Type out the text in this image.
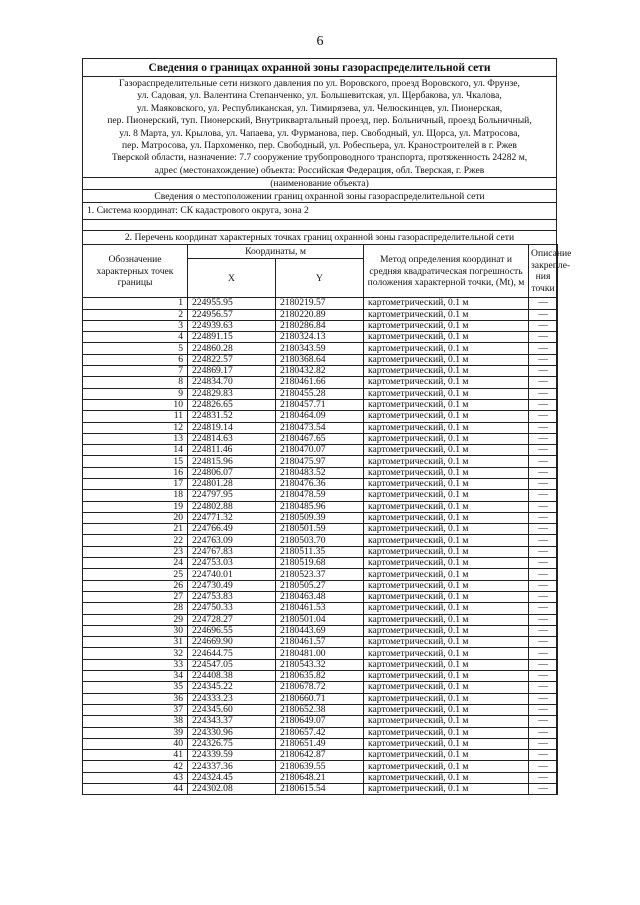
6
Сведения о границах охранной зоны газораспределительной сети
Газораспределительные сети низкого давления по ул. Воровского, проезд Воровского, ул. Фрунзе,
ул. Садовая, ул. Валентина Степанченко, ул. Большевитская, ул. Щербакова, ул. Чкалова,
ул. Маяковского, ул. Республиканская, ул. Тимирязева, ул. Челюскинцев, ул. Пионерская,
пер. Пионерский, туп. Пионерский, Внутриквартальный проезд, пер. Больничный, проезд Больничный,
ул. 8 Марта, ул. Крылова, ул. Чапаева, ул. Фурманова, пер. Свободный, ул. Щорса, ул. Матросова,
пер. Матросова, ул. Пархоменко, пер. Свободный, ул. Робеспьера, ул. Краностроителей в г. Ржев
Тверской области, назначение: 7.7 сооружение трубопроводного транспорта, протяженность 24282 м,
адрес (местонахождение) объекта: Российская Федерация, обл. Тверская, г. Ржев
(наименование объекта)
Сведения о местоположении границ охранной зоны газораспределительной сети
1. Система координат: СК кадастрового округа, зона 2
2. Перечень координат характерных точках границ охранной зоны газораспределительной сети
Обозначение характерных точек границы	Координаты, м		Метод определения координат и средняя квадратическая погрешность положения характерной точки, (Mt), м	Описание закрепле-ния точки
	X	Y		
1	224955.95	2180219.57	картометрический, 0.1 м	—
2	224956.57	2180220.89	картометрический, 0.1 м	—
3	224939.63	2180286.84	картометрический, 0.1 м	—
4	224891.15	2180324.13	картометрический, 0.1 м	—
5	224860.28	2180343.59	картометрический, 0.1 м	—
6	224822.57	2180368.64	картометрический, 0.1 м	—
7	224869.17	2180432.82	картометрический, 0.1 м	—
8	224834.70	2180461.66	картометрический, 0.1 м	—
9	224829.83	2180455.28	картометрический, 0.1 м	—
10	224826.65	2180457.71	картометрический, 0.1 м	—
11	224831.52	2180464.09	картометрический, 0.1 м	—
12	224819.14	2180473.54	картометрический, 0.1 м	—
13	224814.63	2180467.65	картометрический, 0.1 м	—
14	224811.46	2180470.07	картометрический, 0.1 м	—
15	224815.96	2180475.97	картометрический, 0.1 м	—
16	224806.07	2180483.52	картометрический, 0.1 м	—
17	224801.28	2180476.36	картометрический, 0.1 м	—
18	224797.95	2180478.59	картометрический, 0.1 м	—
19	224802.88	2180485.96	картометрический, 0.1 м	—
20	224771.32	2180509.39	картометрический, 0.1 м	—
21	224766.49	2180501.59	картометрический, 0.1 м	—
22	224763.09	2180503.70	картометрический, 0.1 м	—
23	224767.83	2180511.35	картометрический, 0.1 м	—
24	224753.03	2180519.68	картометрический, 0.1 м	—
25	224740.01	2180523.37	картометрический, 0.1 м	—
26	224730.49	2180505.27	картометрический, 0.1 м	—
27	224753.83	2180463.48	картометрический, 0.1 м	—
28	224750.33	2180461.53	картометрический, 0.1 м	—
29	224728.27	2180501.04	картометрический, 0.1 м	—
30	224696.55	2180443.69	картометрический, 0.1 м	—
31	224669.90	2180461.57	картометрический, 0.1 м	—
32	224644.75	2180481.00	картометрический, 0.1 м	—
33	224547.05	2180543.32	картометрический, 0.1 м	—
34	224408.38	2180635.82	картометрический, 0.1 м	—
35	224345.22	2180678.72	картометрический, 0.1 м	—
36	224333.23	2180660.71	картометрический, 0.1 м	—
37	224345.60	2180652.38	картометрический, 0.1 м	—
38	224343.37	2180649.07	картометрический, 0.1 м	—
39	224330.96	2180657.42	картометрический, 0.1 м	—
40	224326.75	2180651.49	картометрический, 0.1 м	—
41	224339.59	2180642.87	картометрический, 0.1 м	—
42	224337.36	2180639.55	картометрический, 0.1 м	—
43	224324.45	2180648.21	картометрический, 0.1 м	—
44	224302.08	2180615.54	картометрический, 0.1 м	—
